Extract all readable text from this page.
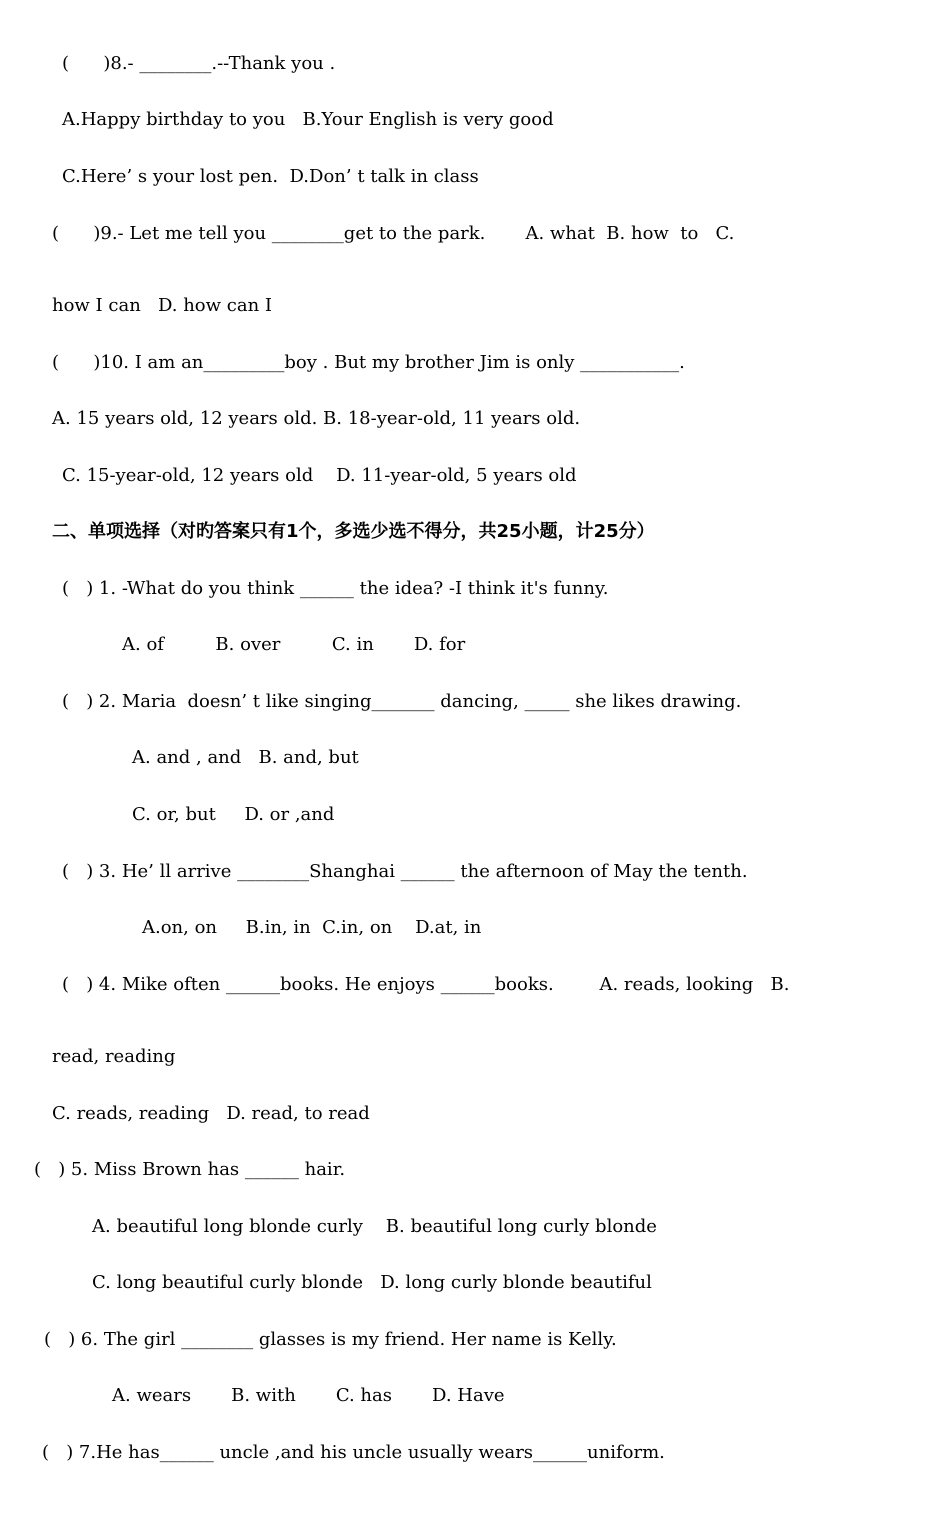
(      )8.- ________.--Thank you .
A.Happy birthday to you   B.Your English is very good
C.Here’ s your lost pen.  D.Don’ t talk in class
(      )9.- Let me tell you ________get to the park.       A. what  B. how  to   C.
how I can   D. how can I
(      )10. I am an_________boy . But my brother Jim is only ___________.
A. 15 years old, 12 years old. B. 18-year-old, 11 years old.
C. 15-year-old, 12 years old    D. 11-year-old, 5 years old
二、单项选择（对旳答案只有1个，多选少选不得分，共25小题，计25分）
(   ) 1. -What do you think ______ the idea? -I think it's funny.
A. of         B. over         C. in       D. for
(   ) 2. Maria  doesn’ t like singing_______ dancing, _____ she likes drawing.
A. and , and   B. and, but
C. or, but     D. or ,and
(   ) 3. He’ ll arrive ________Shanghai ______ the afternoon of May the tenth.
A.on, on     B.in, in  C.in, on    D.at, in
(   ) 4. Mike often ______books. He enjoys ______books.        A. reads, looking   B.
read, reading
C. reads, reading   D. read, to read
(   ) 5. Miss Brown has ______ hair.
A. beautiful long blonde curly    B. beautiful long curly blonde
C. long beautiful curly blonde   D. long curly blonde beautiful
(   ) 6. The girl ________ glasses is my friend. Her name is Kelly.
A. wears       B. with       C. has       D. Have
(   ) 7.He has______ uncle ,and his uncle usually wears______uniform.
